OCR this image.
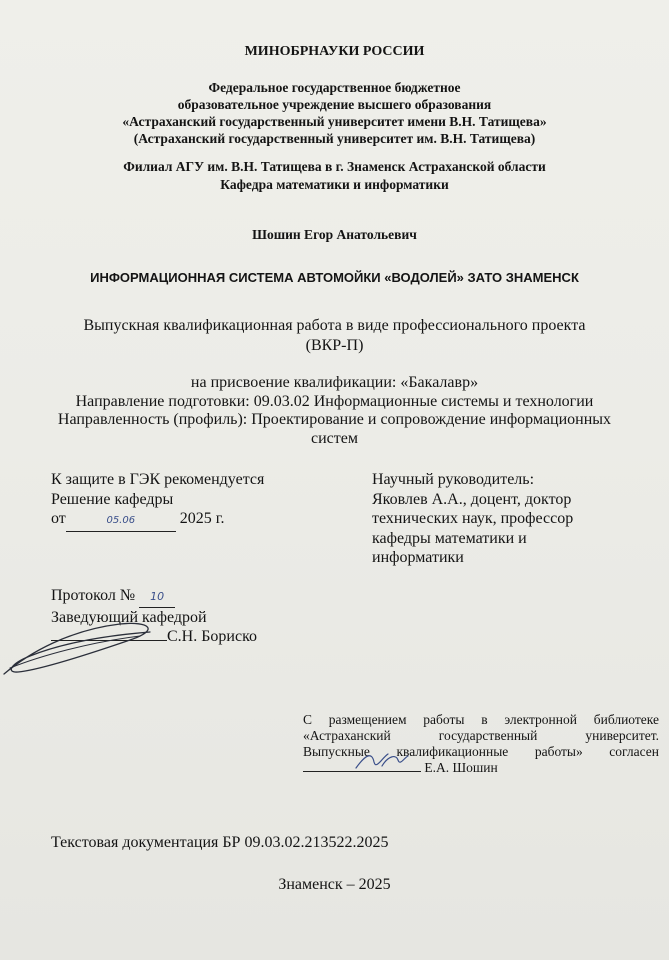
МИНОБРНАУКИ РОССИИ
Федеральное государственное бюджетное
образовательное учреждение высшего образования
«Астраханский государственный университет имени В.Н. Татищева»
(Астраханский государственный университет им. В.Н. Татищева)
Филиал АГУ им. В.Н. Татищева в г. Знаменск Астраханской области
Кафедра математики и информатики
Шошин Егор Анатольевич
ИНФОРМАЦИОННАЯ СИСТЕМА АВТОМОЙКИ «ВОДОЛЕЙ» ЗАТО ЗНАМЕНСК
Выпускная квалификационная работа в виде профессионального проекта
(ВКР-П)
на присвоение квалификации: «Бакалавр»
Направление подготовки: 09.03.02 Информационные системы и технологии
Направленность (профиль): Проектирование и сопровождение информационных
систем
К защите в ГЭК рекомендуется
Решение кафедры
от	05.06	2025 г.
Протокол № 10
Заведующий кафедрой
С.Н. Бориско
Научный руководитель:
Яковлев А.А., доцент, доктор
технических наук, профессор
кафедры математики и
информатики
С размещением работы в электронной библиотеке
«Астраханский государственный университет.
Выпускные квалификационные работы» согласен
Е.А. Шошин
Текстовая документация БР 09.03.02.213522.2025
Знаменск – 2025
